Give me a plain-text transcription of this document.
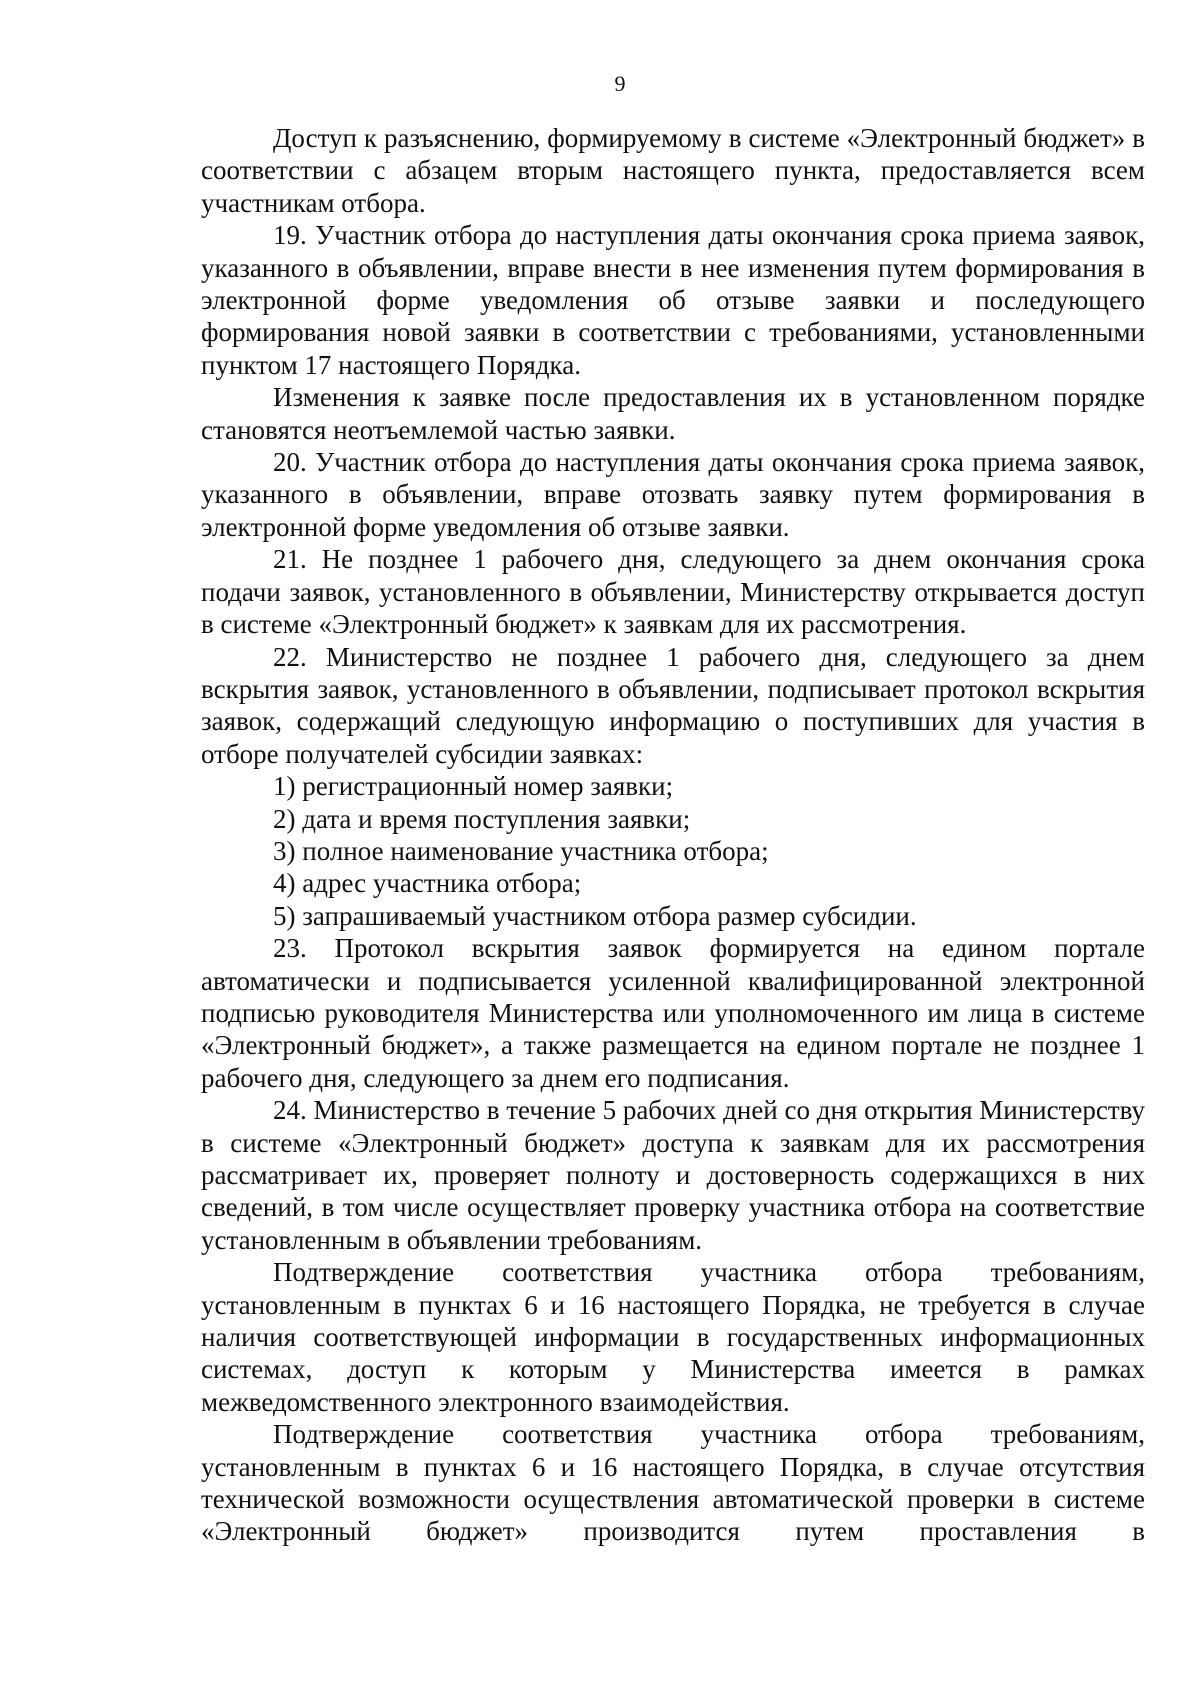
9

Доступ к разъяснению, формируемому в системе «Электронный бюджет» в соответствии с абзацем вторым настоящего пункта, предоставляется всем участникам отбора.

19. Участник отбора до наступления даты окончания срока приема заявок, указанного в объявлении, вправе внести в нее изменения путем формирования в электронной форме уведомления об отзыве заявки и последующего формирования новой заявки в соответствии с требованиями, установленными пунктом 17 настоящего Порядка.

Изменения к заявке после предоставления их в установленном порядке становятся неотъемлемой частью заявки.

20. Участник отбора до наступления даты окончания срока приема заявок, указанного в объявлении, вправе отозвать заявку путем формирования в электронной форме уведомления об отзыве заявки.

21. Не позднее 1 рабочего дня, следующего за днем окончания срока подачи заявок, установленного в объявлении, Министерству открывается доступ в системе «Электронный бюджет» к заявкам для их рассмотрения.

22. Министерство не позднее 1 рабочего дня, следующего за днем вскрытия заявок, установленного в объявлении, подписывает протокол вскрытия заявок, содержащий следующую информацию о поступивших для участия в отборе получателей субсидии заявках:

1) регистрационный номер заявки;

2) дата и время поступления заявки;

3) полное наименование участника отбора;

4) адрес участника отбора;

5) запрашиваемый участником отбора размер субсидии.

23. Протокол вскрытия заявок формируется на едином портале автоматически и подписывается усиленной квалифицированной электронной подписью руководителя Министерства или уполномоченного им лица в системе «Электронный бюджет», а также размещается на едином портале не позднее 1 рабочего дня, следующего за днем его подписания.

24. Министерство в течение 5 рабочих дней со дня открытия Министерству в системе «Электронный бюджет» доступа к заявкам для их рассмотрения рассматривает их, проверяет полноту и достоверность содержащихся в них сведений, в том числе осуществляет проверку участника отбора на соответствие установленным в объявлении требованиям.

Подтверждение соответствия участника отбора требованиям, установленным в пунктах 6 и 16 настоящего Порядка, не требуется в случае наличия соответствующей информации в государственных информационных системах, доступ к которым у Министерства имеется в рамках межведомственного электронного взаимодействия.

Подтверждение соответствия участника отбора требованиям, установленным в пунктах 6 и 16 настоящего Порядка, в случае отсутствия технической возможности осуществления автоматической проверки в системе «Электронный бюджет» производится путем проставления в
